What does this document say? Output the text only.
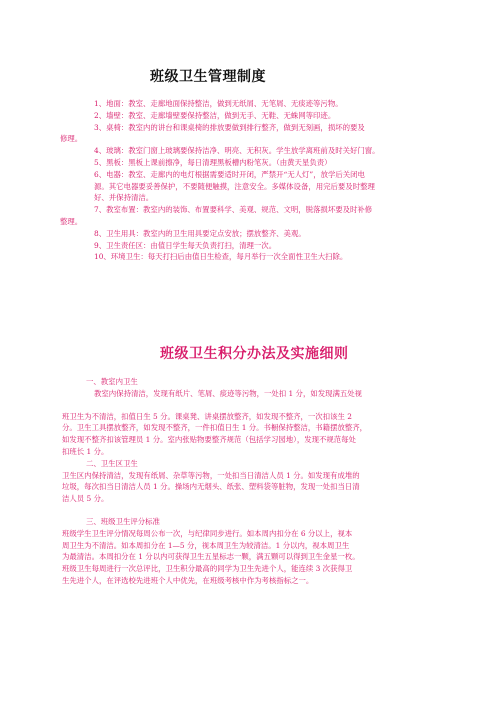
班级卫生管理制度

1、地面：教室、走廊地面保持整洁，做到无纸屑、无笔屑、无痰迹等污物。

2、墙壁：教室、走廊墙壁要保持整洁，做到无手、无鞋、无蛛网等印迹。

3、桌椅：教室内的讲台和课桌椅的排放要做到排行整齐，做到无刻画，损坏的要及

修理。

4、玻璃：教室门窗上玻璃要保持洁净、明亮、无积灰。学生放学离班前及时关好门窗。

5、黑板：黑板上课前擦净，每日清理黑板槽内粉笔灰。（由黄天星负责）

6、电器：教室、走廊内的电灯根据需要适时开闭，严禁开“无人灯”，放学后关闭电

源。其它电器要妥善保护，不要随便触摸，注意安全。多媒体设备，用完后要及时整理

好、并保持清洁。

7、教室布置：教室内的装饰、布置要科学、美观、规范、文明，脱落损坏要及时补修

整理。

8、卫生用具：教室内的卫生用具要定点安放；摆放整齐、美观。

9、卫生责任区：由值日学生每天负责打扫，清理一次。

10、环境卫生：每天打扫后由值日生检查，每月举行一次全面性卫生大扫除。

班级卫生积分办法及实施细则

一、教室内卫生

教室内保持清洁，发现有纸片、笔屑、痰迹等污物，一处扣 1 分，如发现满五处视

班卫生为不清洁，扣值日生 5 分。课桌凳、讲桌摆放整齐，如发现不整齐，一次扣该生 2

分。卫生工具摆放整齐，如发现不整齐，一件扣值日生 1 分。书橱保持整洁，书籍摆放整齐，

如发现不整齐扣该管理员 1 分。室内张贴物要整齐规范（包括学习园地），发现不规范每处

扣班长 1 分。

二、卫生区卫生

卫生区内保持清洁，发现有纸屑、杂草等污物，一处扣当日清洁人员 1 分。如发现有成堆的

垃圾，每次扣当日清洁人员 1 分。操场内无烟头、纸张、塑料袋等脏物，发现一处扣当日清

洁人员 5 分。

三、班级卫生评分标准

班级学生卫生评分情况每周公布一次，与纪律同步进行。如本周内扣分在 6 分以上，视本

周卫生为不清洁。如本周扣分在 1—5 分，视本周卫生为较清洁。1 分以内，视本周卫生

为最清洁。本周扣分在 1 分以内可获得卫生五星标志一颗，满五颗可以得到卫生金星一枚。

班级卫生每周进行一次总评比，卫生积分最高的同学为卫生先进个人，能连续 3 次获得卫

生先进个人，在评选校先进班个人中优先，在班级考核中作为考核指标之一。
